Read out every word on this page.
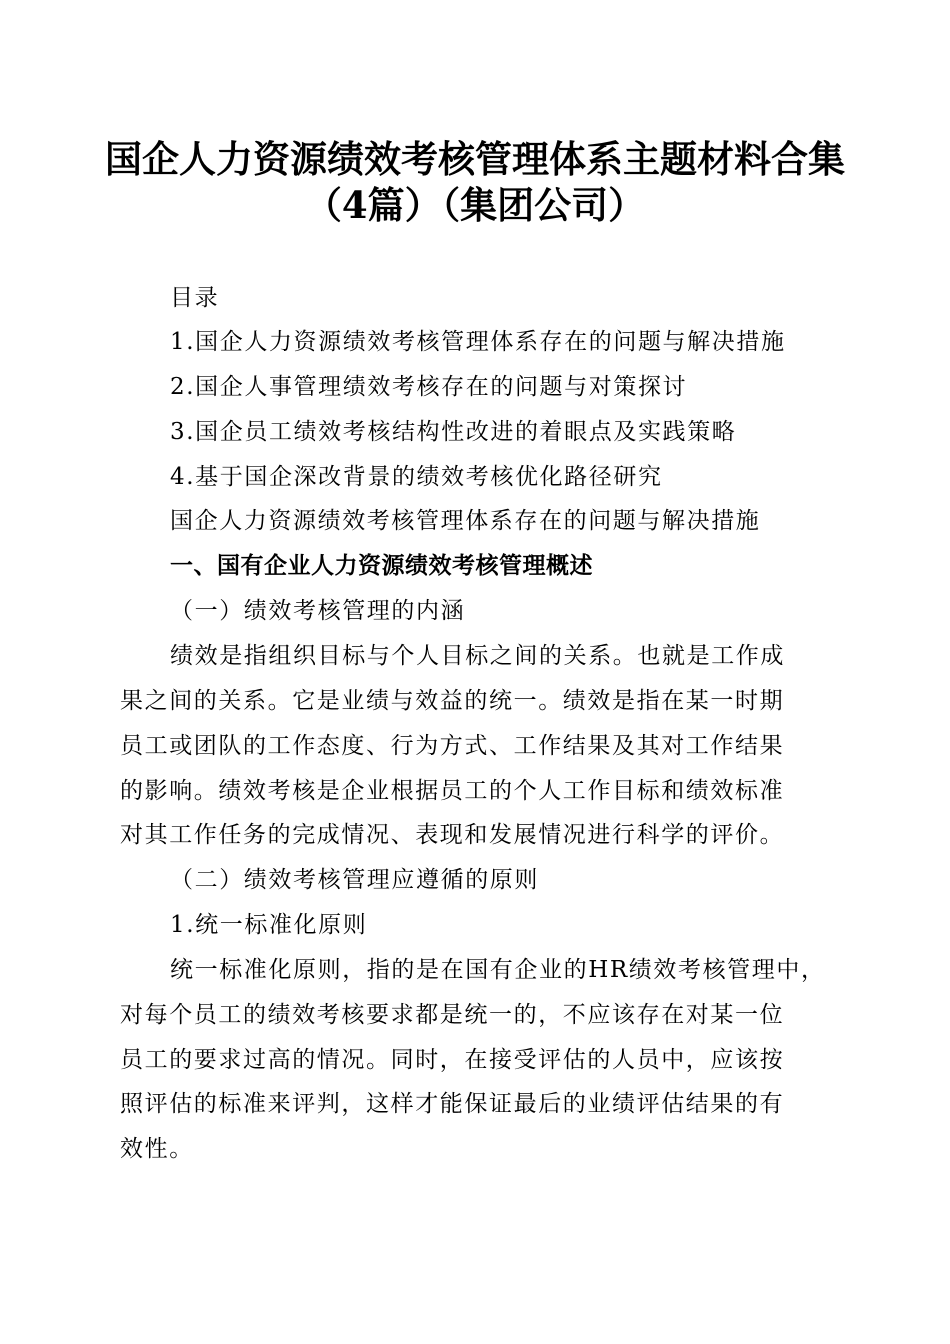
国企人力资源绩效考核管理体系主题材料合集
（4篇）（集团公司）
目录
1.国企人力资源绩效考核管理体系存在的问题与解决措施
2.国企人事管理绩效考核存在的问题与对策探讨
3.国企员工绩效考核结构性改进的着眼点及实践策略
4.基于国企深改背景的绩效考核优化路径研究
国企人力资源绩效考核管理体系存在的问题与解决措施
一、国有企业人力资源绩效考核管理概述
（一）绩效考核管理的内涵
绩效是指组织目标与个人目标之间的关系。也就是工作成
果之间的关系。它是业绩与效益的统一。绩效是指在某一时期
员工或团队的工作态度、行为方式、工作结果及其对工作结果
的影响。绩效考核是企业根据员工的个人工作目标和绩效标准
对其工作任务的完成情况、表现和发展情况进行科学的评价。
（二）绩效考核管理应遵循的原则
1.统一标准化原则
统一标准化原则，指的是在国有企业的HR绩效考核管理中，
对每个员工的绩效考核要求都是统一的，不应该存在对某一位
员工的要求过高的情况。同时，在接受评估的人员中，应该按
照评估的标准来评判，这样才能保证最后的业绩评估结果的有
效性。
